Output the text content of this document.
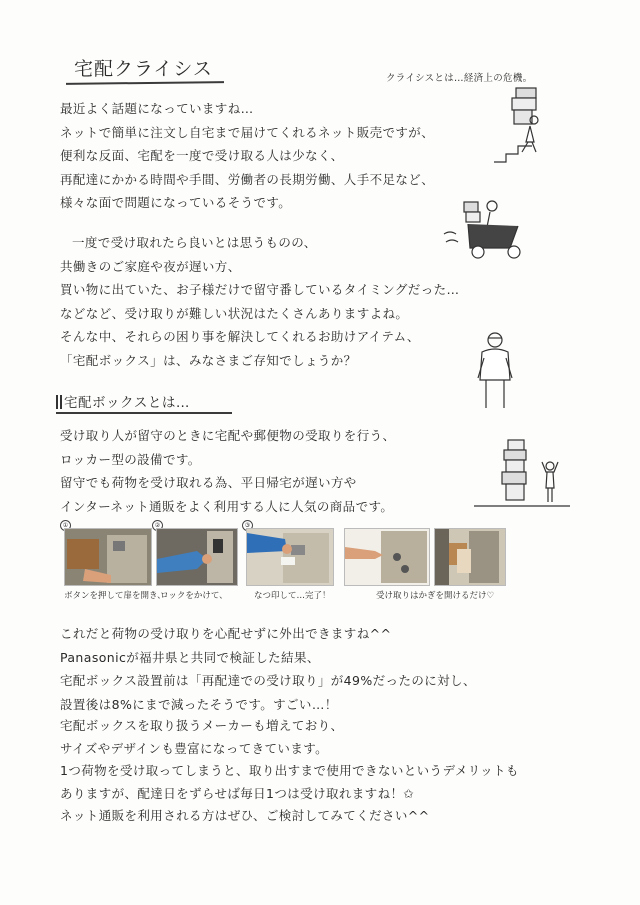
宅配クライシス	クライシスとは…経済上の危機。
最近よく話題になっていますね…
ネットで簡単に注文し自宅まで届けてくれるネット販売ですが、
便利な反面、宅配を一度で受け取る人は少なく、
再配達にかかる時間や手間、労働者の長期労働、人手不足など、
様々な面で問題になっているそうです。
一度で受け取れたら良いとは思うものの、
共働きのご家庭や夜が遅い方、
買い物に出ていた、お子様だけで留守番しているタイミングだった…
などなど、受け取りが難しい状況はたくさんありますよね。
そんな中、それらの困り事を解決してくれるお助けアイテム、
「宅配ボックス」は、みなさまご存知でしょうか？
宅配ボックスとは…
受け取り人が留守のときに宅配や郵便物の受取りを行う、
ロッカー型の設備です。
留守でも荷物を受け取れる為、平日帰宅が遅い方や
インターネット通販をよく利用する人に人気の商品です。
①	②	③
ボタンを押して扉を開き、
ロックをかけて、	なつ印して…完了！	受け取りはかぎを開けるだけ♡
これだと荷物の受け取りを心配せずに外出できますね^^
Panasonicが福井県と共同で検証した結果、
宅配ボックス設置前は「再配達での受け取り」が49%だったのに対し、
設置後は8%にまで減ったそうです。すごい…！
宅配ボックスを取り扱うメーカーも増えており、
サイズやデザインも豊富になってきています。
1つ荷物を受け取ってしまうと、取り出すまで使用できないというデメリットも
ありますが、配達日をずらせば毎日1つは受け取れますね！✩
ネット通販を利用される方はぜひ、ご検討してみてください^^
